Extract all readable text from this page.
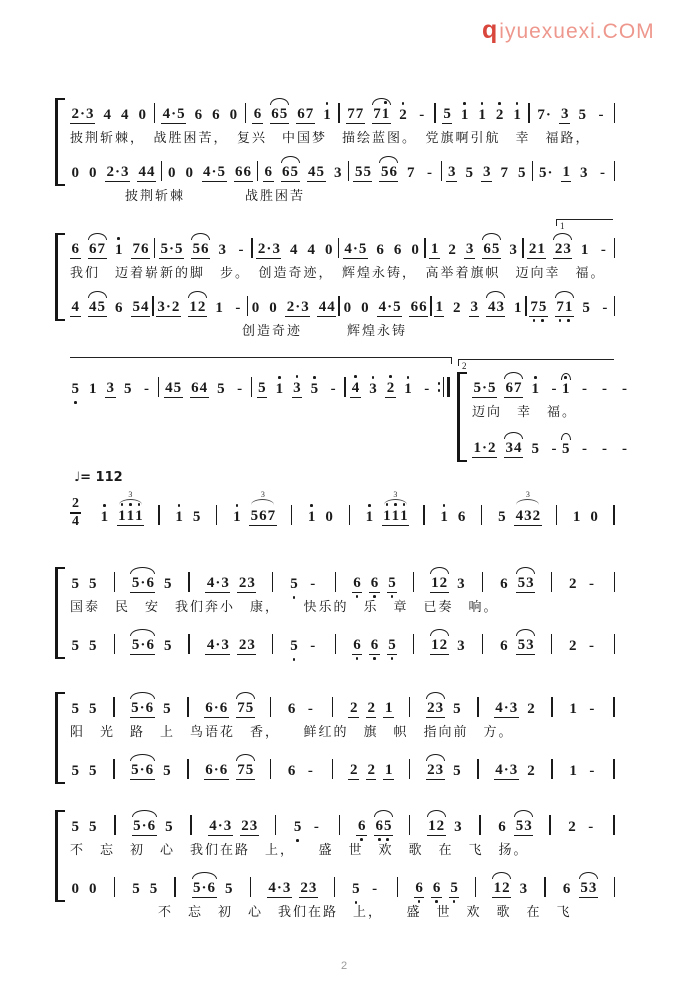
qiyuexuexi.COM
2 · 3 4 4 0 4 · 5 6 6 0 6 6 5 6 7 1 7 7 7 1 2 - 5 1 1 2 1 7 · 3 5 -
披荆斩棘，　战胜困苦，　复兴　中国梦　描绘蓝图。　党旗啊引航　幸　福路，
0 0 2 · 3 4 4 0 0 4 · 5 6 6 6 6 5 4 5 3 5 5 5 6 7 - 3 5 3 7 5 5 · 1 3 -
披荆斩棘　　　　战胜困苦
1
6 6 7 1 7 6 5 · 5 5 6 3 - 2 · 3 4 4 0 4 · 5 6 6 0 1 2 3 6 5 3 2 1 2 3 1 -
我们　迈着崭新的脚　步。　创造奇迹，　辉煌永铸，　高举着旗帜　迈向幸　福。
4 4 5 6 5 4 3 · 2 1 2 1 - 0 0 2 · 3 4 4 0 0 4 · 5 6 6 1 2 3 4 3 1 7 5 7 1 5 -
创造奇迹　　　辉煌永铸
2
5 1 3 5 - 4 5 6 4 5 - 5 1 3 5 - 4 3 2 1 -	5 · 5 6 7 1 - 1 - - -
迈向　幸　福。
1 · 2 3 4 5 - 5 - - -
♩= 112
2
4 1 1 1 1
3
1 5 1 5 6 7
3
1 0 1 1 1 1
3
1 6 5 4 3 2
3
1 0
5 5 5 · 6 5 4 · 3 2 3 5 -	6 6 5 1 2 3 6 5 3 2 -
国泰　民　安　我们奔小　康，　　快乐的　乐　章　已奏　响。
5 5 5 · 6 5 4 · 3 2 3 5 -	6 6 5 1 2 3 6 5 3 2 -
5 5 5 · 6 5 6 · 6 7 5 6 - 2 2 1 2 3 5 4 · 3 2 1 -
阳　光　路　上　鸟语花　香，　　鲜红的　旗　帜　指向前　方。
5 5 5 · 6 5 6 · 6 7 5 6 - 2 2 1 2 3 5 4 · 3 2 1 -
5 5 5 · 6 5 4 · 3 2 3 5 -	6 6 5 1 2 3 6 5 3 2 -
不　忘　初　心　我们在路　上，　　盛　世　欢　歌　在　飞　扬。
0 0 5 5 5 · 6 5 4 · 3 2 3 5 -	6 6 5 1 2 3 6 5 3
不　忘　初　心　我们在路　上，　　盛　世　欢　歌　在　飞
2
